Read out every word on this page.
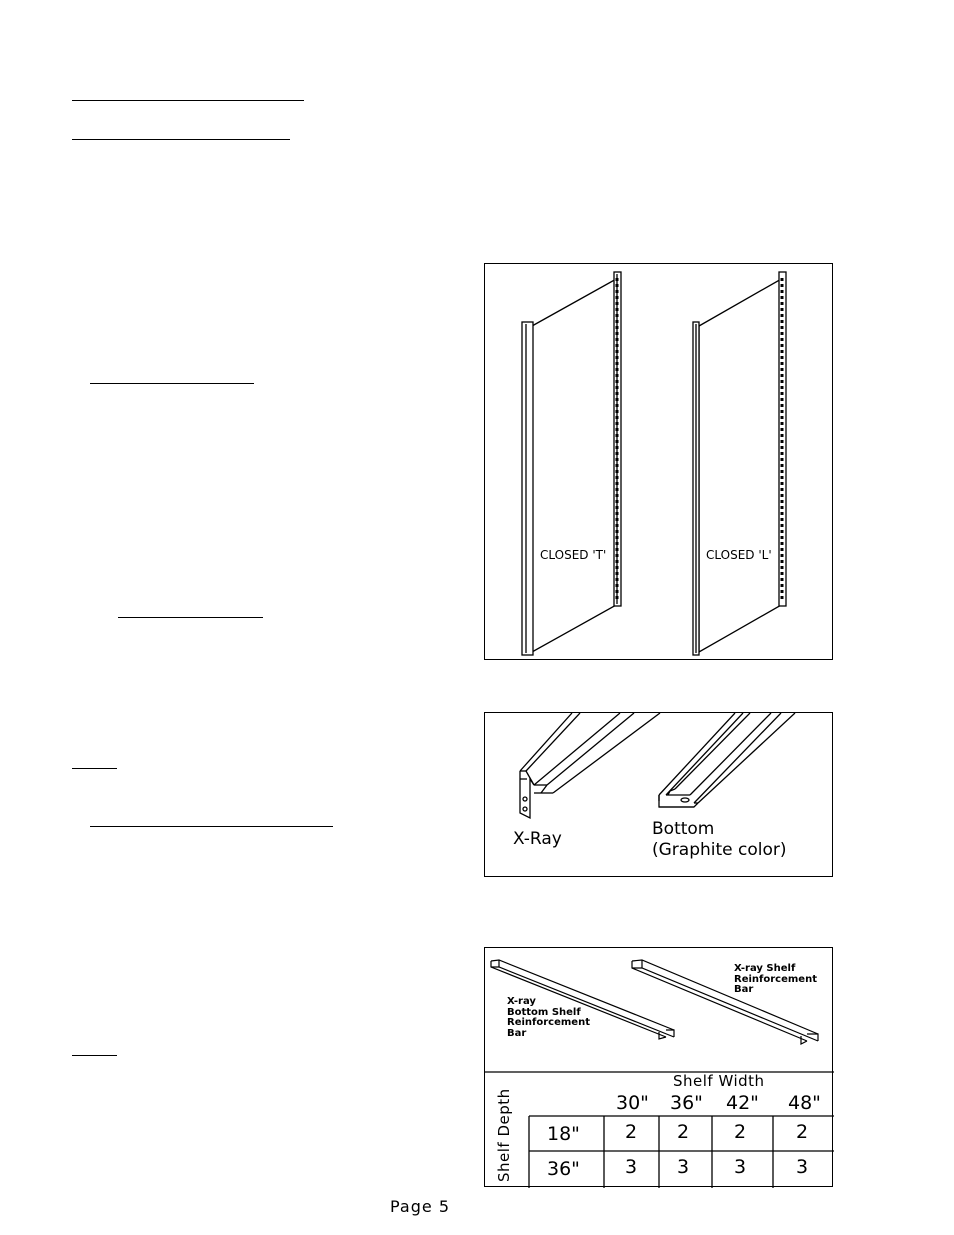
CLOSED 'T'	CLOSED 'L'
X-Ray	Bottom
(Graphite color)
X-ray
Bottom Shelf
Reinforcement
Bar
X-ray Shelf
Reinforcement
Bar
Shelf Width
Shelf Depth	30" 36" 42" 48"
18" 2 2 2	2
36" 3 3 3	3
Page 5
